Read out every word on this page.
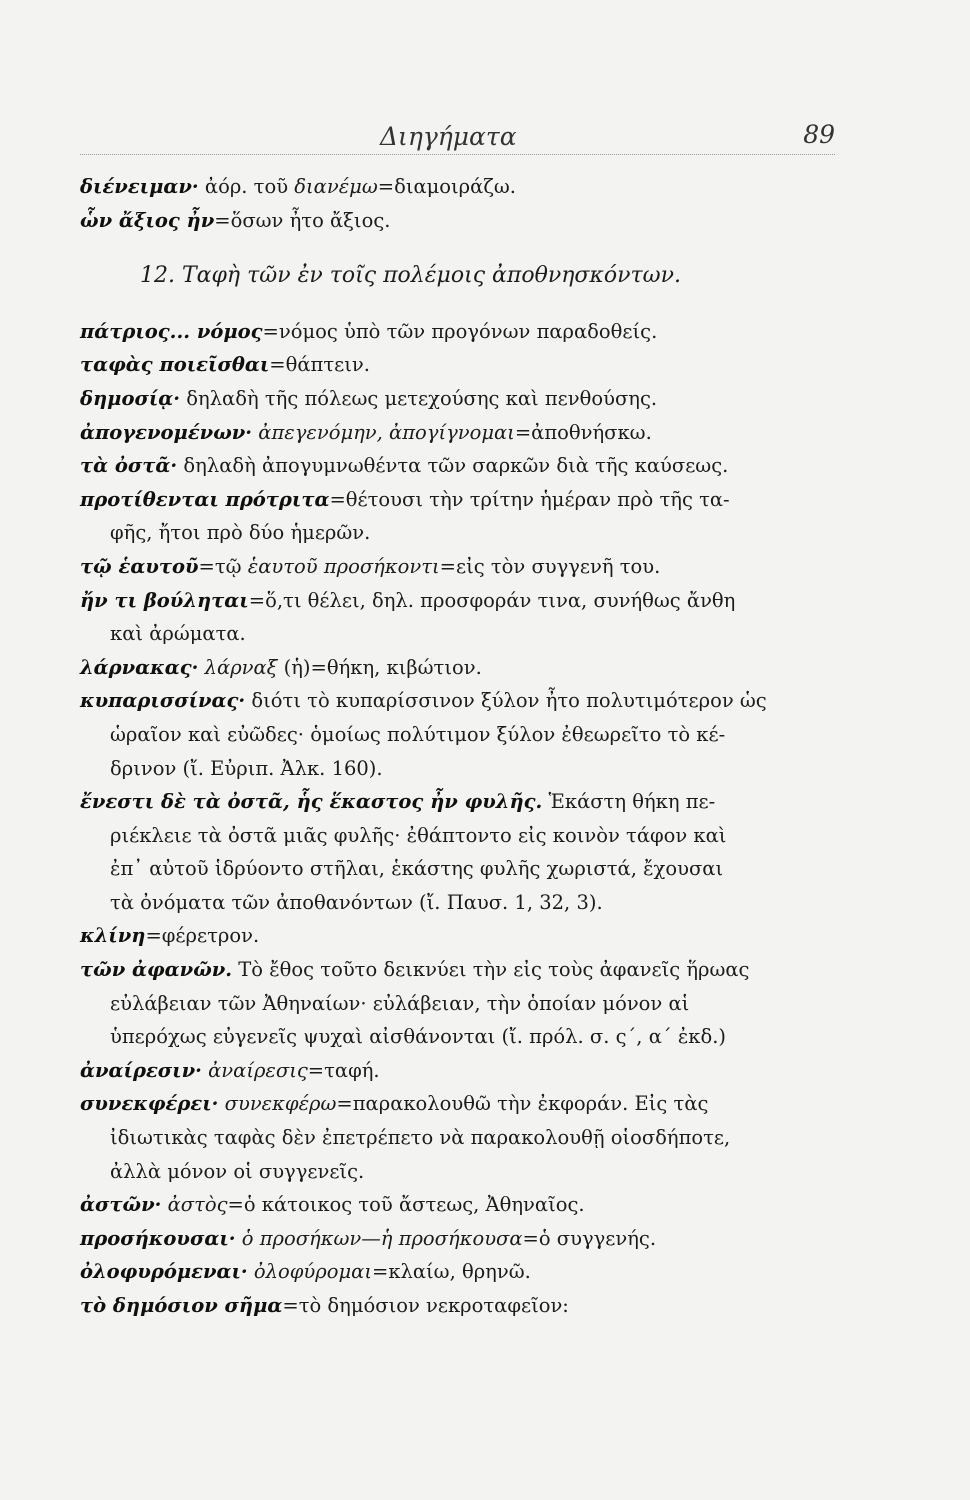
Διηγήματα	89
διένειμαν· ἀόρ. τοῦ διανέμω=διαμοιράζω.
ὧν ἄξιος ἦν=ὅσων ἦτο ἄξιος.
12. Ταφὴ τῶν ἐν τοῖς πολέμοις ἀποθνησκόντων.
πάτριος... νόμος=νόμος ὑπὸ τῶν προγόνων παραδοθείς.
ταφὰς ποιεῖσθαι=θάπτειν.
δημοσίᾳ· δηλαδὴ τῆς πόλεως μετεχούσης καὶ πενθούσης.
ἀπογενομένων· ἀπεγενόμην, ἀπογίγνομαι=ἀποθνήσκω.
τὰ ὀστᾶ· δηλαδὴ ἀπογυμνωθέντα τῶν σαρκῶν διὰ τῆς καύσεως.
προτίθενται πρότριτα=θέτουσι τὴν τρίτην ἡμέραν πρὸ τῆς τα-
φῆς, ἤτοι πρὸ δύο ἡμερῶν.
τῷ ἑαυτοῦ=τῷ ἑαυτοῦ προσήκοντι=εἰς τὸν συγγενῆ του.
ἤν τι βούληται=ὅ,τι θέλει, δηλ. προσφοράν τινα, συνήθως ἄνθη
καὶ ἀρώματα.
λάρνακας· λάρναξ (ἡ)=θήκη, κιβώτιον.
κυπαρισσίνας· διότι τὸ κυπαρίσσινον ξύλον ἦτο πολυτιμότερον ὡς
ὡραῖον καὶ εὐῶδες· ὁμοίως πολύτιμον ξύλον ἐθεωρεῖτο τὸ κέ-
δρινον (ἴ. Εὐριπ. Ἀλκ. 160).
ἔνεστι δὲ τὰ ὀστᾶ, ἧς ἕκαστος ἦν φυλῆς. Ἑκάστη θήκη πε-
ριέκλειε τὰ ὀστᾶ μιᾶς φυλῆς· ἐθάπτοντο εἰς κοινὸν τάφον καὶ
ἐπ᾽ αὐτοῦ ἱδρύοντο στῆλαι, ἑκάστης φυλῆς χωριστά, ἔχουσαι
τὰ ὀνόματα τῶν ἀποθανόντων (ἴ. Παυσ. 1, 32, 3).
κλίνη=φέρετρον.
τῶν ἀφανῶν. Τὸ ἔθος τοῦτο δεικνύει τὴν εἰς τοὺς ἀφανεῖς ἥρωας
εὐλάβειαν τῶν Ἀθηναίων· εὐλάβειαν, τὴν ὁποίαν μόνον αἱ
ὑπερόχως εὐγενεῖς ψυχαὶ αἰσθάνονται (ἴ. πρόλ. σ. ς΄, α΄ ἐκδ.)
ἀναίρεσιν· ἀναίρεσις=ταφή.
συνεκφέρει· συνεκφέρω=παρακολουθῶ τὴν ἐκφοράν. Εἰς τὰς
ἰδιωτικὰς ταφὰς δὲν ἐπετρέπετο νὰ παρακολουθῇ οἱοσδήποτε,
ἀλλὰ μόνον οἱ συγγενεῖς.
ἀστῶν· ἀστὸς=ὁ κάτοικος τοῦ ἄστεως, Ἀθηναῖος.
προσήκουσαι· ὁ προσήκων—ἡ προσήκουσα=ὁ συγγενής.
ὀλοφυρόμεναι· ὀλοφύρομαι=κλαίω, θρηνῶ.
τὸ δημόσιον σῆμα=τὸ δημόσιον νεκροταφεῖον:
